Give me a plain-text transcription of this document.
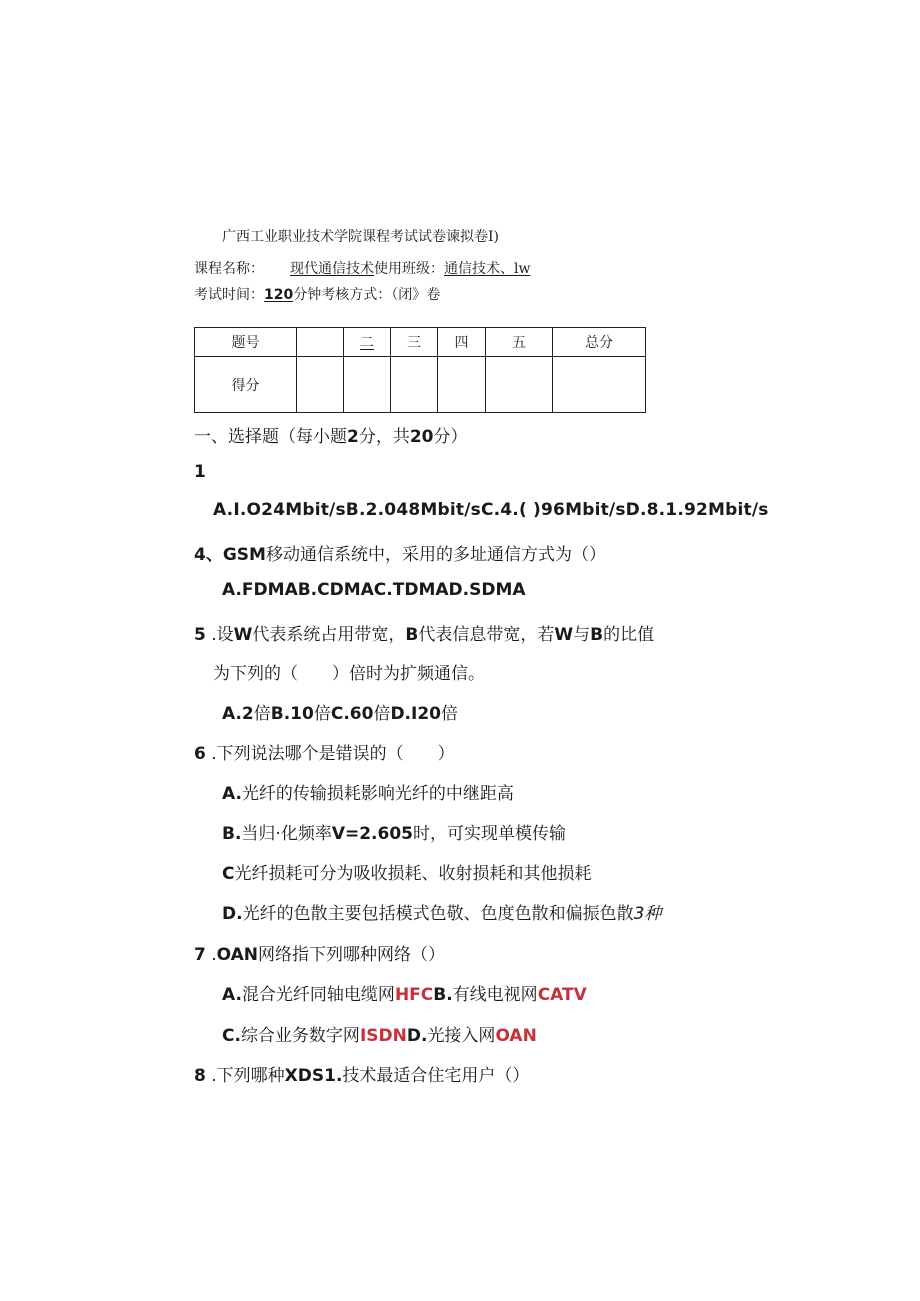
广西工业职业技术学院课程考试试卷谏拟卷I)
课程名称： 现代通信技术使用班级：通信技术、lw
考试时间：120分钟考核方式：（闭》卷
题号		二	三	四	五	总分
得分						
一、选择题（每小题2分，共20分）
1
A.I.O24Mbit/sB.2.048Mbit/sC.4.( )96Mbit/sD.8.1.92Mbit/s
4、GSM移动通信系统中，采用的多址通信方式为（）
A.FDMAB.CDMAC.TDMAD.SDMA
5 .设W代表系统占用带宽，B代表信息带宽，若W与B的比值
为下列的（　　）倍时为扩频通信。
A.2倍B.10倍C.60倍D.I20倍
6 .下列说法哪个是错误的（　　）
A.光纤的传输损耗影响光纤的中继距高
B.当归·化频率V=2.605时，可实现单模传输
C光纤损耗可分为吸收损耗、收射损耗和其他损耗
D.光纤的色散主要包括模式色敬、色度色散和偏振色散3种
7 .OAN网络指下列哪种网络（）
A.混合光纤同轴电缆网HFCB.有线电视网CATV
C.综合业务数字网ISDND.光接入网OAN
8 .下列哪种XDS1.技术最适合住宅用户（）
